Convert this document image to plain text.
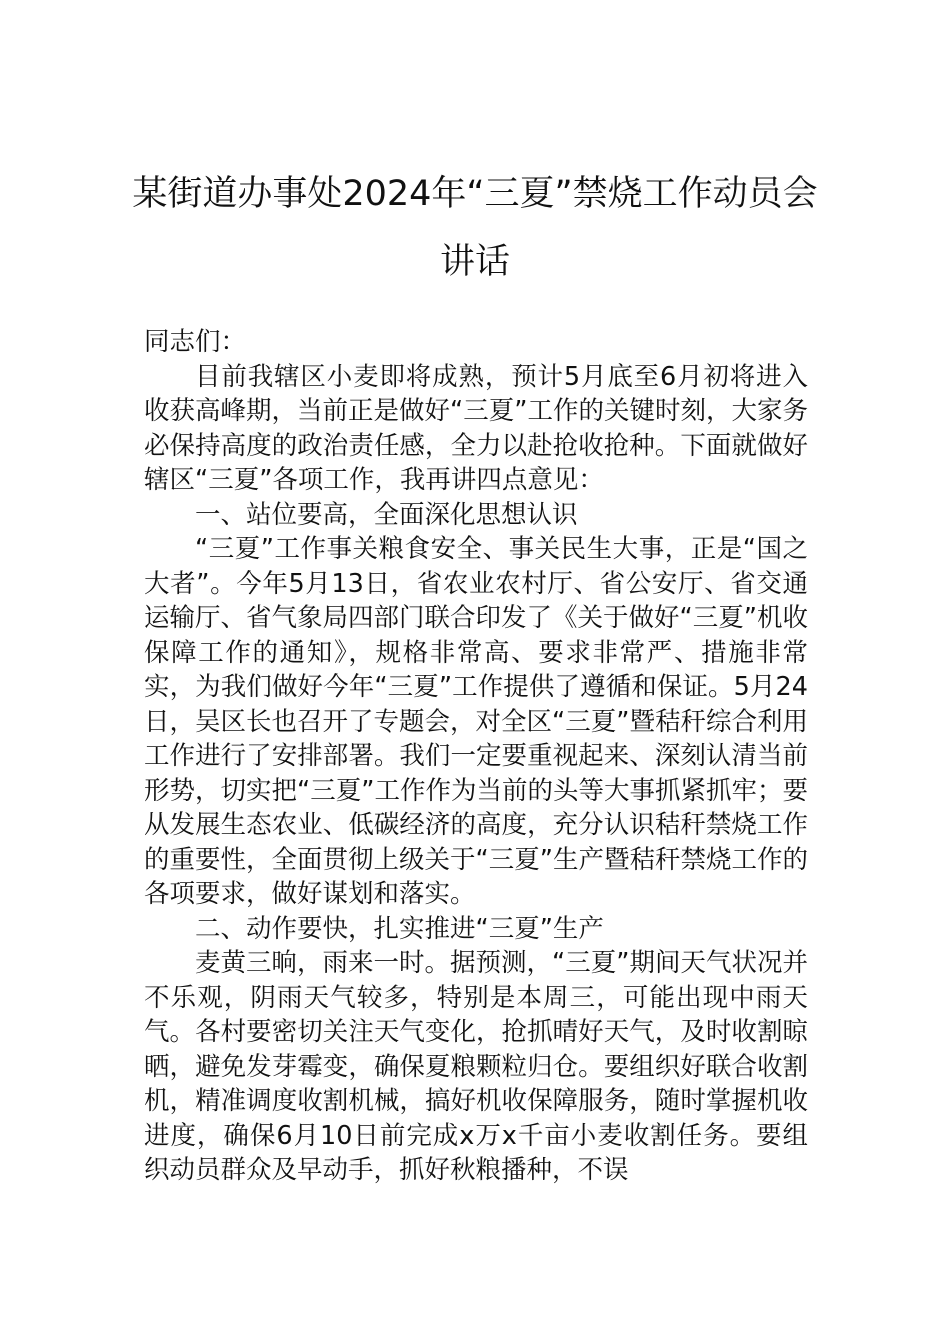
某街道办事处2024年“三夏”禁烧工作动员会讲话

同志们：

目前我辖区小麦即将成熟，预计5月底至6月初将进入收获高峰期，当前正是做好“三夏”工作的关键时刻，大家务必保持高度的政治责任感，全力以赴抢收抢种。下面就做好辖区“三夏”各项工作，我再讲四点意见：

一、站位要高，全面深化思想认识

“三夏”工作事关粮食安全、事关民生大事，正是“国之大者”。今年5月13日，省农业农村厅、省公安厅、省交通运输厅、省气象局四部门联合印发了《关于做好“三夏”机收保障工作的通知》，规格非常高、要求非常严、措施非常实，为我们做好今年“三夏”工作提供了遵循和保证。5月24日，吴区长也召开了专题会，对全区“三夏”暨秸秆综合利用工作进行了安排部署。我们一定要重视起来、深刻认清当前形势，切实把“三夏”工作作为当前的头等大事抓紧抓牢；要从发展生态农业、低碳经济的高度，充分认识秸秆禁烧工作的重要性，全面贯彻上级关于“三夏”生产暨秸秆禁烧工作的各项要求，做好谋划和落实。

二、动作要快，扎实推进“三夏”生产

麦黄三晌，雨来一时。据预测，“三夏”期间天气状况并不乐观，阴雨天气较多，特别是本周三，可能出现中雨天气。各村要密切关注天气变化，抢抓晴好天气，及时收割晾晒，避免发芽霉变，确保夏粮颗粒归仓。要组织好联合收割机，精准调度收割机械，搞好机收保障服务，随时掌握机收进度，确保6月10日前完成x万x千亩小麦收割任务。要组织动员群众及早动手，抓好秋粮播种，不误
